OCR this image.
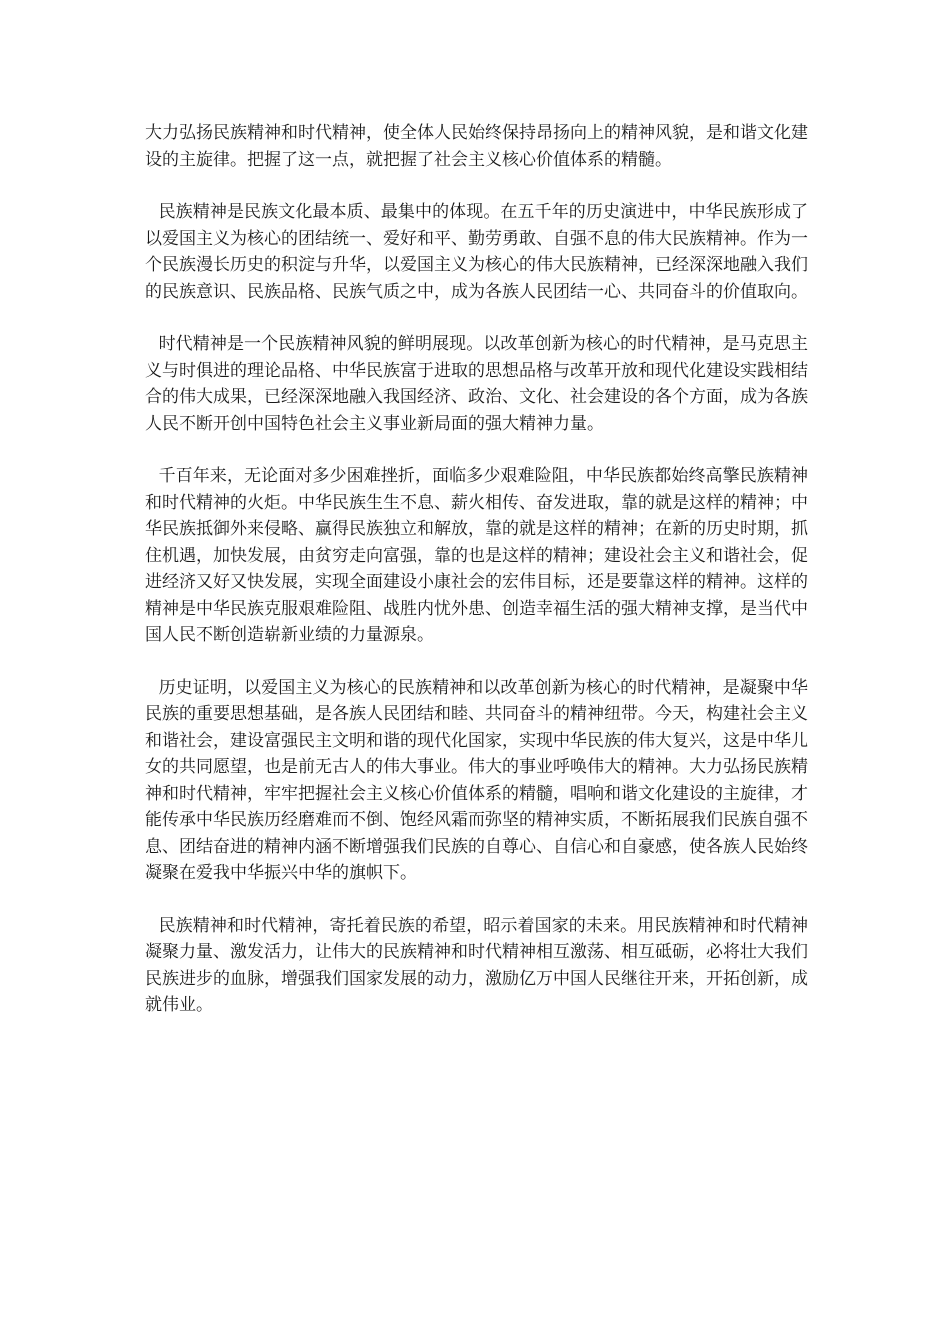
大力弘扬民族精神和时代精神，使全体人民始终保持昂扬向上的精神风貌，是和谐文化建设的主旋律。把握了这一点，就把握了社会主义核心价值体系的精髓。

民族精神是民族文化最本质、最集中的体现。在五千年的历史演进中，中华民族形成了以爱国主义为核心的团结统一、爱好和平、勤劳勇敢、自强不息的伟大民族精神。作为一个民族漫长历史的积淀与升华，以爱国主义为核心的伟大民族精神，已经深深地融入我们的民族意识、民族品格、民族气质之中，成为各族人民团结一心、共同奋斗的价值取向。

时代精神是一个民族精神风貌的鲜明展现。以改革创新为核心的时代精神，是马克思主义与时俱进的理论品格、中华民族富于进取的思想品格与改革开放和现代化建设实践相结合的伟大成果，已经深深地融入我国经济、政治、文化、社会建设的各个方面，成为各族人民不断开创中国特色社会主义事业新局面的强大精神力量。

千百年来，无论面对多少困难挫折，面临多少艰难险阻，中华民族都始终高擎民族精神和时代精神的火炬。中华民族生生不息、薪火相传、奋发进取，靠的就是这样的精神；中华民族抵御外来侵略、赢得民族独立和解放，靠的就是这样的精神；在新的历史时期，抓住机遇，加快发展，由贫穷走向富强，靠的也是这样的精神；建设社会主义和谐社会，促进经济又好又快发展，实现全面建设小康社会的宏伟目标，还是要靠这样的精神。这样的精神是中华民族克服艰难险阻、战胜内忧外患、创造幸福生活的强大精神支撑，是当代中国人民不断创造崭新业绩的力量源泉。

历史证明，以爱国主义为核心的民族精神和以改革创新为核心的时代精神，是凝聚中华民族的重要思想基础，是各族人民团结和睦、共同奋斗的精神纽带。今天，构建社会主义和谐社会，建设富强民主文明和谐的现代化国家，实现中华民族的伟大复兴，这是中华儿女的共同愿望，也是前无古人的伟大事业。伟大的事业呼唤伟大的精神。大力弘扬民族精神和时代精神，牢牢把握社会主义核心价值体系的精髓，唱响和谐文化建设的主旋律，才能传承中华民族历经磨难而不倒、饱经风霜而弥坚的精神实质，不断拓展我们民族自强不息、团结奋进的精神内涵不断增强我们民族的自尊心、自信心和自豪感，使各族人民始终凝聚在爱我中华振兴中华的旗帜下。

民族精神和时代精神，寄托着民族的希望，昭示着国家的未来。用民族精神和时代精神凝聚力量、激发活力，让伟大的民族精神和时代精神相互激荡、相互砥砺，必将壮大我们民族进步的血脉，增强我们国家发展的动力，激励亿万中国人民继往开来，开拓创新，成就伟业。
